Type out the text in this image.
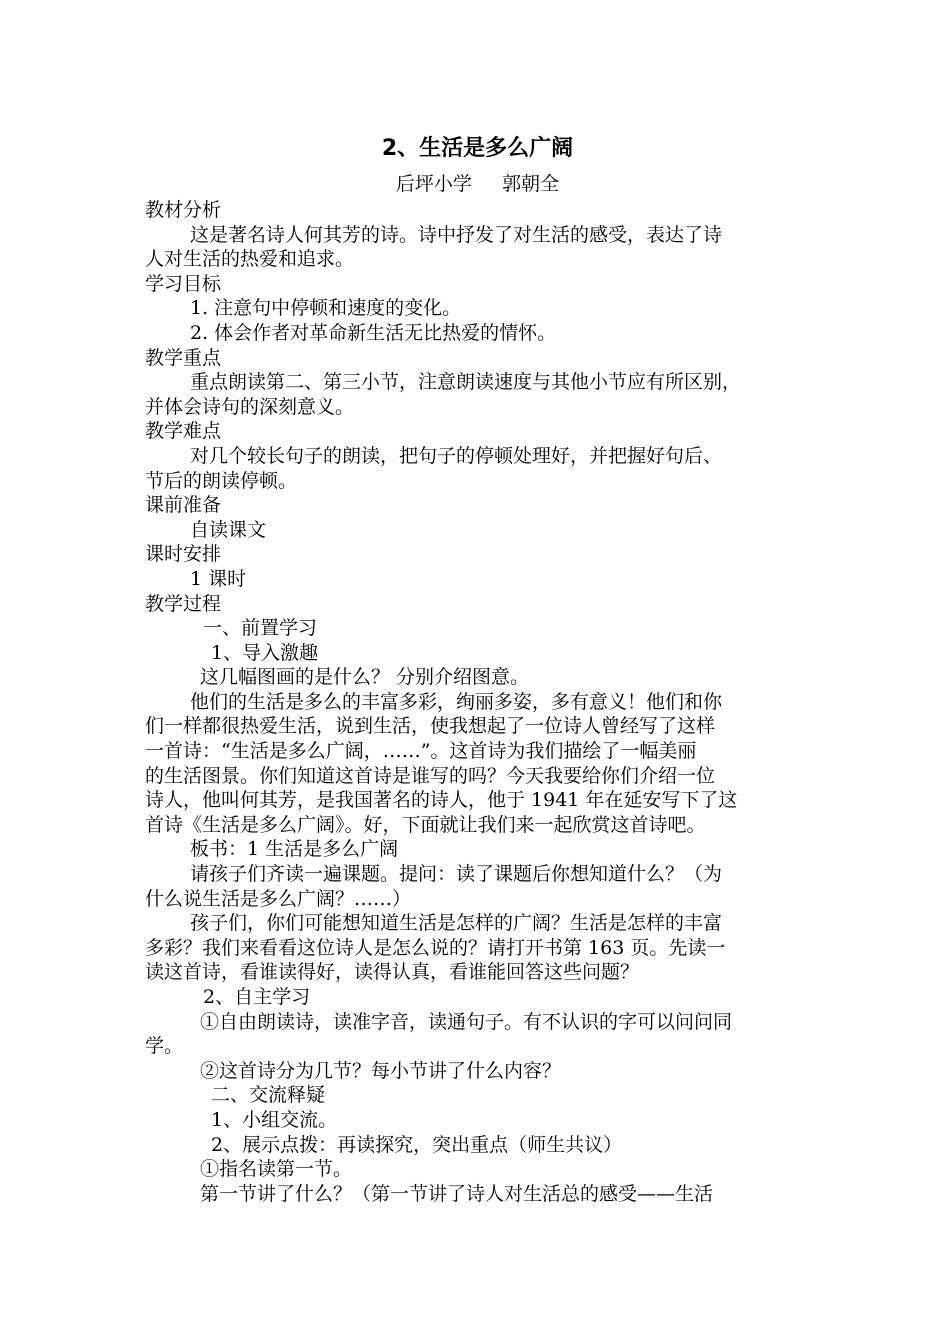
2、生活是多么广阔
后坪小学     郭朝全
教材分析
这是著名诗人何其芳的诗。诗中抒发了对生活的感受，表达了诗
人对生活的热爱和追求。
学习目标
1. 注意句中停顿和速度的变化。
2. 体会作者对革命新生活无比热爱的情怀。
教学重点
重点朗读第二、第三小节，注意朗读速度与其他小节应有所区别，
并体会诗句的深刻意义。
教学难点
对几个较长句子的朗读，把句子的停顿处理好，并把握好句后、
节后的朗读停顿。
课前准备
自读课文
课时安排
1 课时
教学过程
一、前置学习
1、导入激趣
这几幅图画的是什么？ 分别介绍图意。
他们的生活是多么的丰富多彩，绚丽多姿，多有意义！他们和你
们一样都很热爱生活，说到生活，使我想起了一位诗人曾经写了这样
一首诗：“生活是多么广阔，……”。这首诗为我们描绘了一幅美丽
的生活图景。你们知道这首诗是谁写的吗？今天我要给你们介绍一位
诗人，他叫何其芳，是我国著名的诗人，他于 1941 年在延安写下了这
首诗《生活是多么广阔》。好，下面就让我们来一起欣赏这首诗吧。
板书：1 生活是多么广阔
请孩子们齐读一遍课题。提问：读了课题后你想知道什么？（为
什么说生活是多么广阔？……）
孩子们，你们可能想知道生活是怎样的广阔？生活是怎样的丰富
多彩？我们来看看这位诗人是怎么说的？请打开书第 163 页。先读一
读这首诗，看谁读得好，读得认真，看谁能回答这些问题？
2、自主学习
①自由朗读诗，读准字音，读通句子。有不认识的字可以问问同
学。
②这首诗分为几节？每小节讲了什么内容？
二、交流释疑
1、小组交流。
2、展示点拨：再读探究，突出重点（师生共议）
①指名读第一节。
第一节讲了什么？（第一节讲了诗人对生活总的感受——生活
